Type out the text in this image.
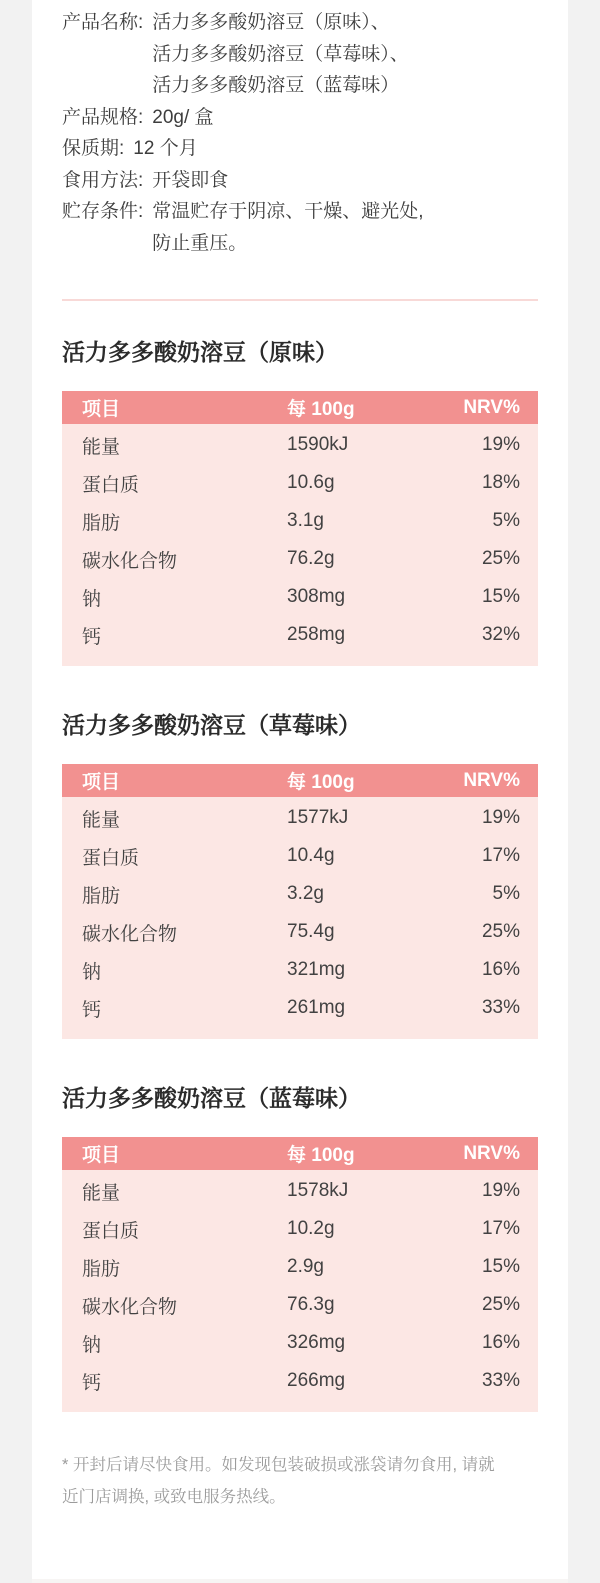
产品名称: 活力多多酸奶溶豆（原味）、
活力多多酸奶溶豆（草莓味）、
活力多多酸奶溶豆（蓝莓味）
产品规格: 20g/ 盒
保质期: 12 个月
食用方法: 开袋即食
贮存条件: 常温贮存于阴凉、干燥、避光处,
防止重压。
活力多多酸奶溶豆（原味）
项目	每 100g	NRV%
能量	1590kJ	19%
蛋白质	10.6g	18%
脂肪	3.1g	5%
碳水化合物	76.2g	25%
钠	308mg	15%
钙	258mg	32%
活力多多酸奶溶豆（草莓味）
项目	每 100g	NRV%
能量	1577kJ	19%
蛋白质	10.4g	17%
脂肪	3.2g	5%
碳水化合物	75.4g	25%
钠	321mg	16%
钙	261mg	33%
活力多多酸奶溶豆（蓝莓味）
项目	每 100g	NRV%
能量	1578kJ	19%
蛋白质	10.2g	17%
脂肪	2.9g	15%
碳水化合物	76.3g	25%
钠	326mg	16%
钙	266mg	33%
* 开封后请尽快食用。如发现包装破损或涨袋请勿食用, 请就
近门店调换, 或致电服务热线。
